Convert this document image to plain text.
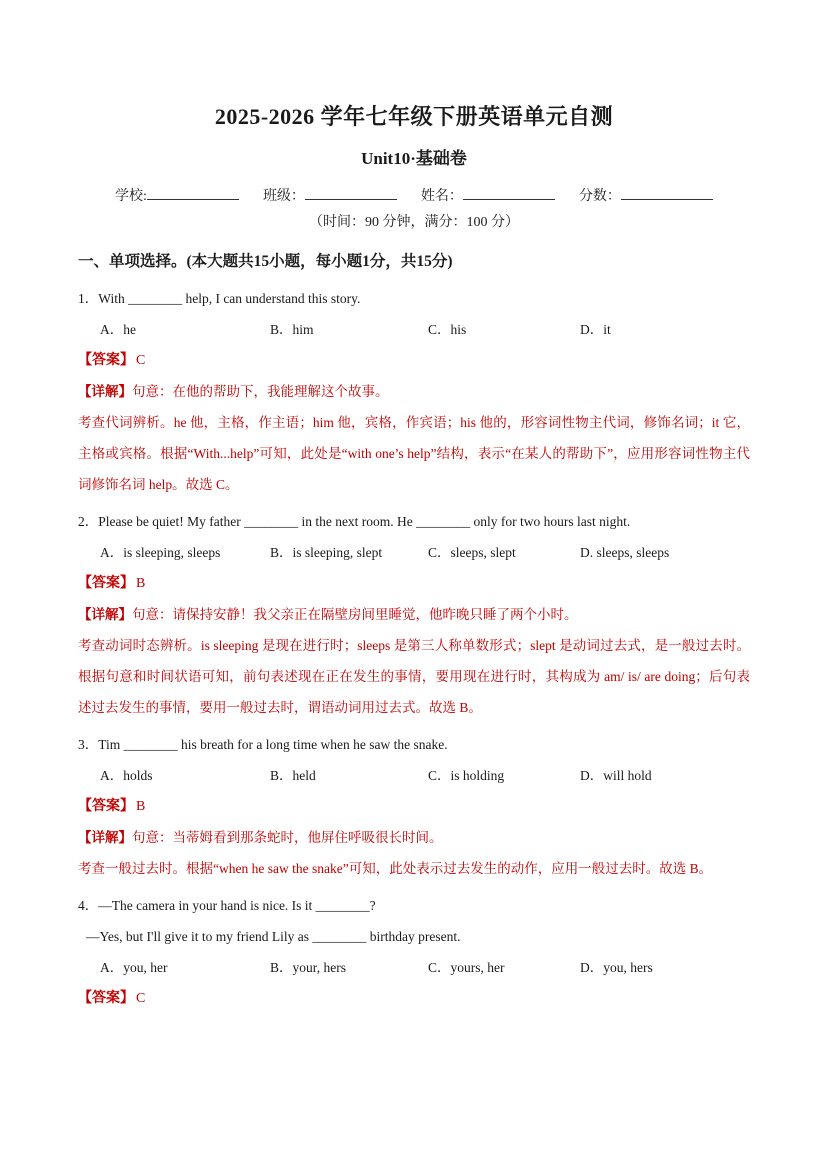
2025-2026 学年七年级下册英语单元自测
Unit10·基础卷
学校:	班级：	姓名：	分数：
（时间：90 分钟，满分：100 分）
一、单项选择。(本大题共15小题，每小题1分，共15分)

1．With ________ help, I can understand this story.

A．he	B．him	C．his	D．it

【答案】 C

【详解】句意：在他的帮助下，我能理解这个故事。

考查代词辨析。he 他，主格，作主语；him 他，宾格，作宾语；his 他的，形容词性物主代词，修饰名词；it 它，主格或宾格。根据“With...help”可知，此处是“with one’s help”结构，表示“在某人的帮助下”，应用形容词性物主代词修饰名词 help。故选 C。

2．Please be quiet! My father ________ in the next room. He ________ only for two hours last night.

A．is sleeping, sleeps	B．is sleeping, slept	C．sleeps, slept	D. sleeps, sleeps

【答案】 B

【详解】句意：请保持安静！我父亲正在隔壁房间里睡觉，他昨晚只睡了两个小时。

考查动词时态辨析。is sleeping 是现在进行时；sleeps 是第三人称单数形式；slept 是动词过去式，是一般过去时。根据句意和时间状语可知，前句表述现在正在发生的事情，要用现在进行时，其构成为 am/ is/ are doing；后句表述过去发生的事情，要用一般过去时，谓语动词用过去式。故选 B。

3．Tim ________ his breath for a long time when he saw the snake.

A．holds	B．held	C．is holding	D．will hold

【答案】 B

【详解】句意：当蒂姆看到那条蛇时，他屏住呼吸很长时间。

考查一般过去时。根据“when he saw the snake”可知，此处表示过去发生的动作，应用一般过去时。故选 B。

4．—The camera in your hand is nice. Is it ________?

—Yes, but I'll give it to my friend Lily as ________ birthday present.

A．you, her	B．your, hers	C．yours, her	D．you, hers

【答案】 C
